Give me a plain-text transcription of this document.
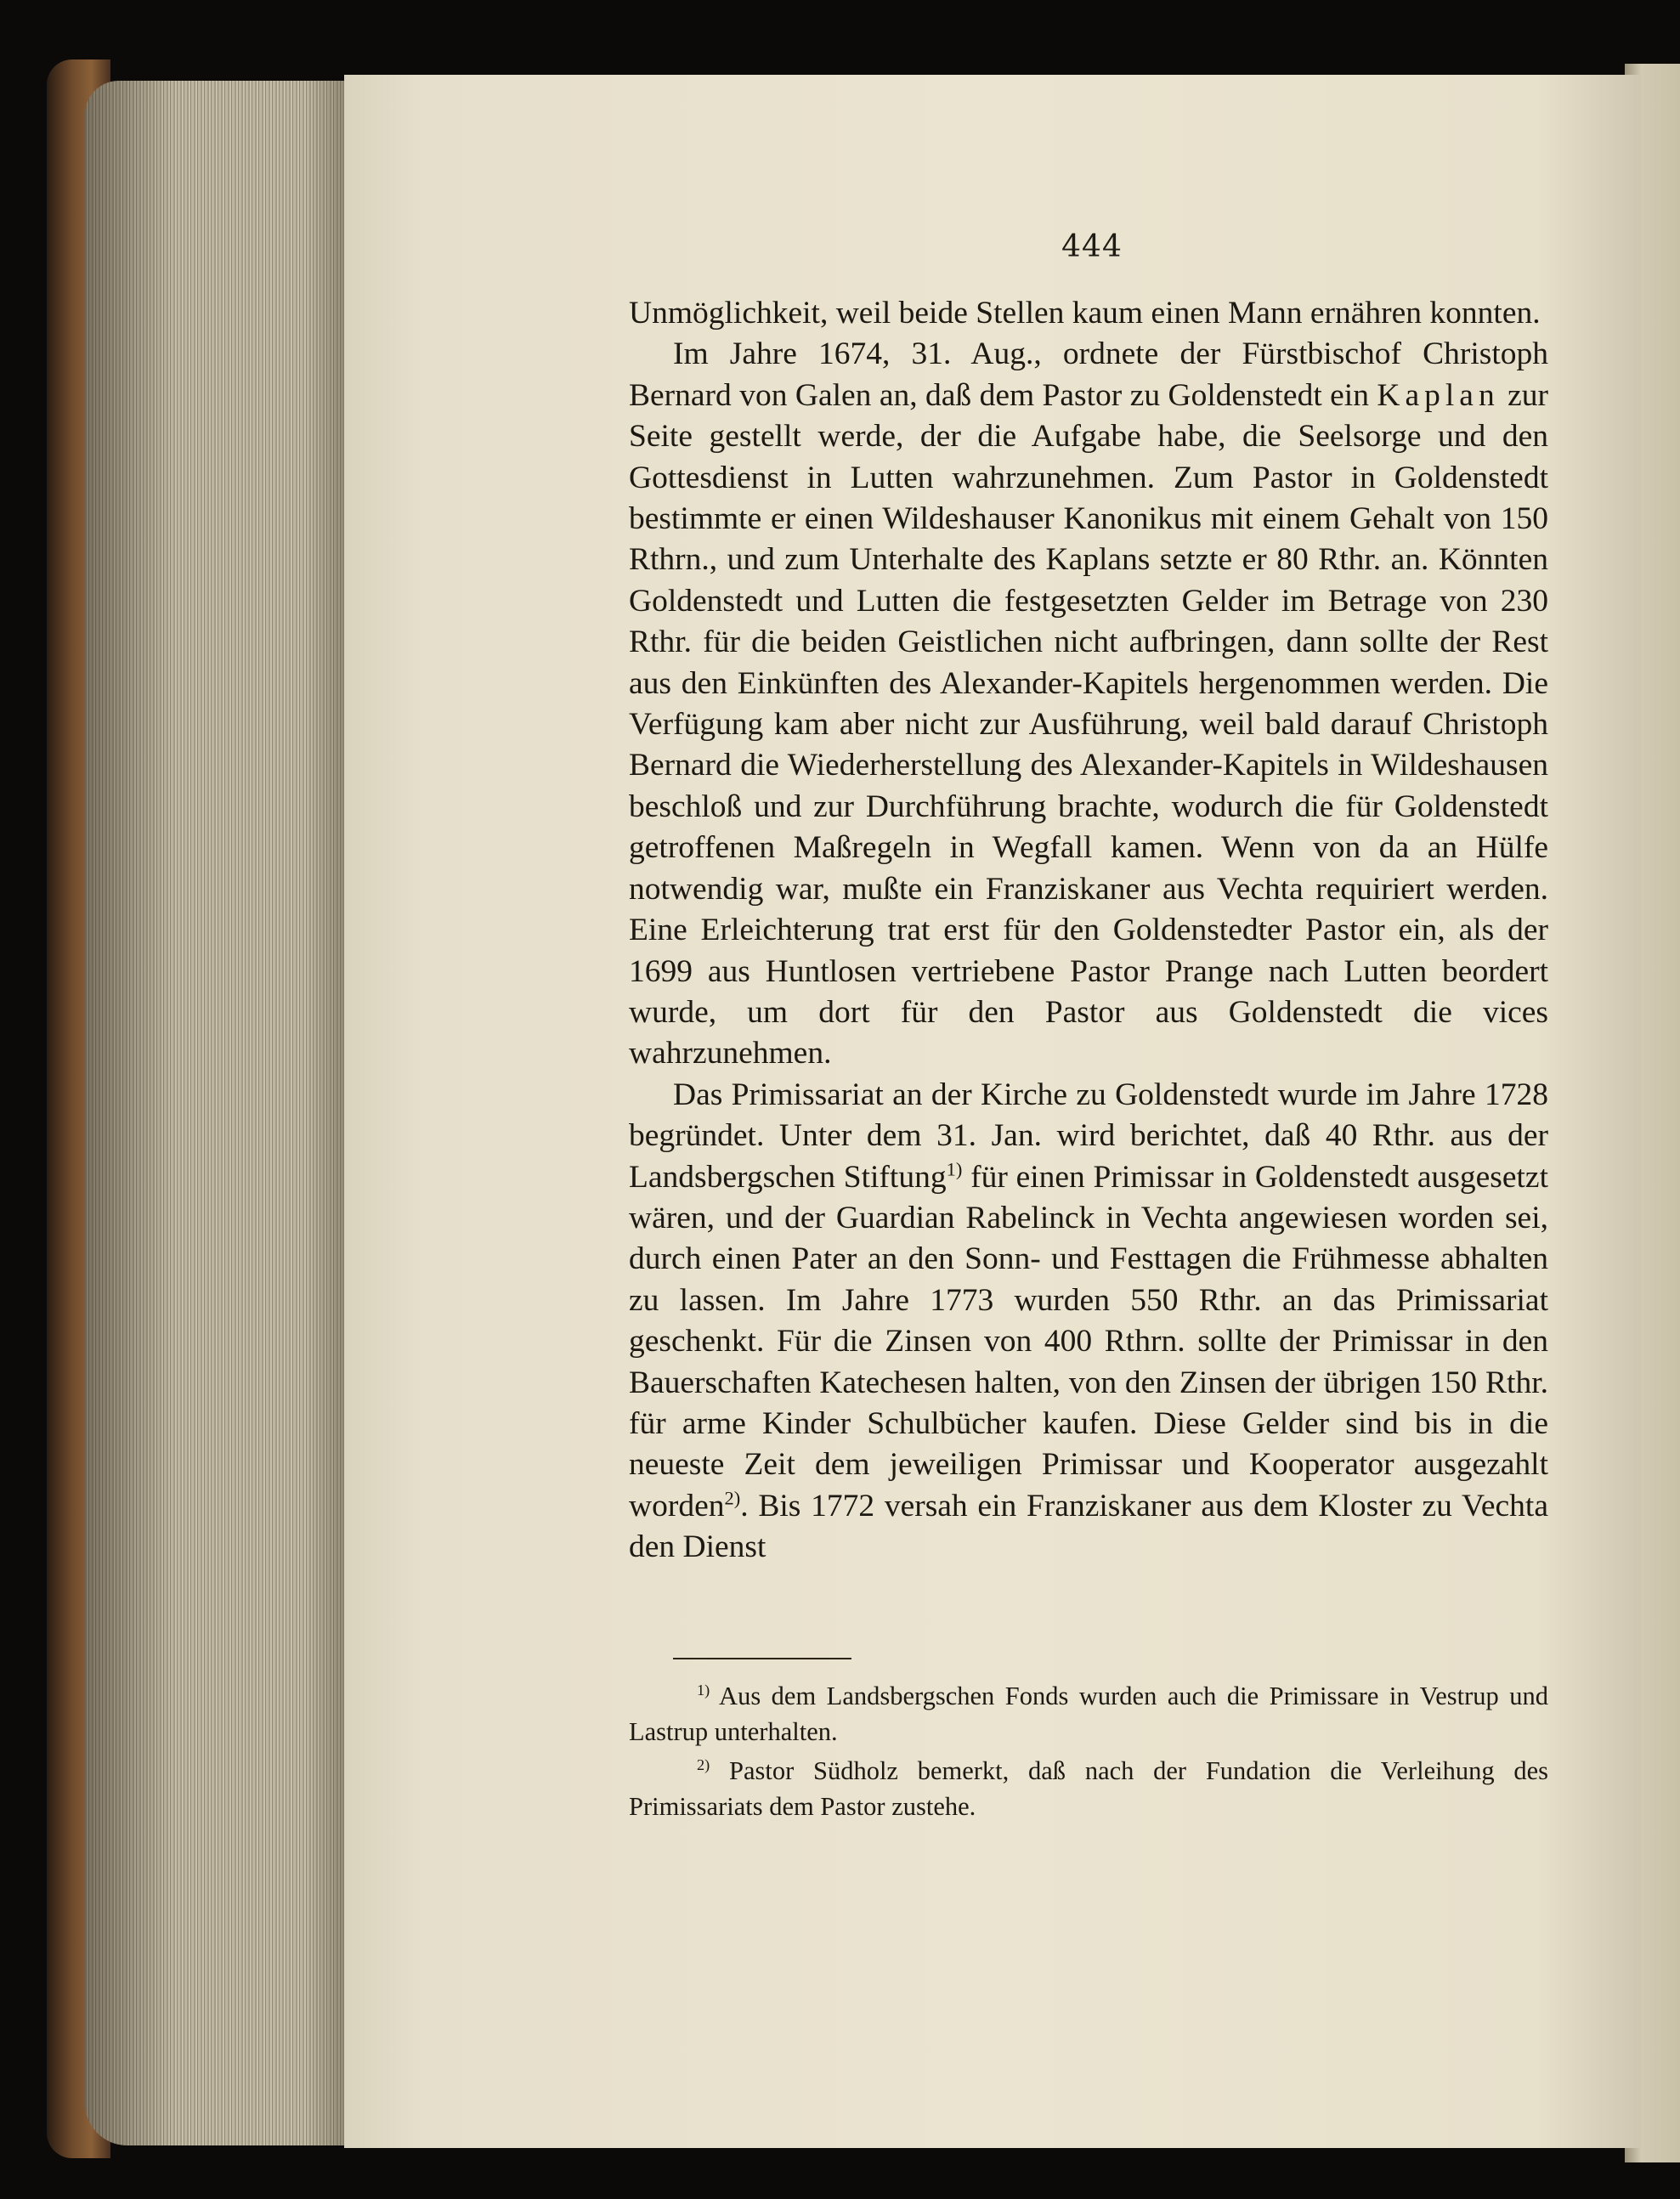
444

Unmöglichkeit, weil beide Stellen kaum einen Mann ernähren konnten.

Im Jahre 1674, 31. Aug., ordnete der Fürstbischof Christoph Bernard von Galen an, daß dem Pastor zu Goldenstedt ein Kaplan zur Seite gestellt werde, der die Aufgabe habe, die Seelsorge und den Gottesdienst in Lutten wahrzunehmen. Zum Pastor in Goldenstedt bestimmte er einen Wildeshauser Kanonikus mit einem Gehalt von 150 Rthrn., und zum Unterhalte des Kaplans setzte er 80 Rthr. an. Könnten Goldenstedt und Lutten die festgesetzten Gelder im Betrage von 230 Rthr. für die beiden Geistlichen nicht aufbringen, dann sollte der Rest aus den Einkünften des Alexander-Kapitels hergenommen werden. Die Verfügung kam aber nicht zur Ausführung, weil bald darauf Christoph Bernard die Wiederherstellung des Alexander-Kapitels in Wildeshausen beschloß und zur Durchführung brachte, wodurch die für Goldenstedt getroffenen Maßregeln in Wegfall kamen. Wenn von da an Hülfe notwendig war, mußte ein Franziskaner aus Vechta requiriert werden. Eine Erleichterung trat erst für den Goldenstedter Pastor ein, als der 1699 aus Huntlosen vertriebene Pastor Prange nach Lutten beordert wurde, um dort für den Pastor aus Goldenstedt die vices wahrzunehmen.

Das Primissariat an der Kirche zu Goldenstedt wurde im Jahre 1728 begründet. Unter dem 31. Jan. wird berichtet, daß 40 Rthr. aus der Landsbergschen Stiftung$^{1)}$ für einen Primissar in Goldenstedt ausgesetzt wären, und der Guardian Rabelinck in Vechta angewiesen worden sei, durch einen Pater an den Sonn- und Festtagen die Frühmesse abhalten zu lassen. Im Jahre 1773 wurden 550 Rthr. an das Primissariat geschenkt. Für die Zinsen von 400 Rthrn. sollte der Primissar in den Bauerschaften Katechesen halten, von den Zinsen der übrigen 150 Rthr. für arme Kinder Schulbücher kaufen. Diese Gelder sind bis in die neueste Zeit dem jeweiligen Primissar und Kooperator ausgezahlt worden$^{2)}$. Bis 1772 versah ein Franziskaner aus dem Kloster zu Vechta den Dienst

$^{1)}$ Aus dem Landsbergschen Fonds wurden auch die Primissare in Vestrup und Lastrup unterhalten.

$^{2)}$ Pastor Südholz bemerkt, daß nach der Fundation die Verleihung des Primissariats dem Pastor zustehe.
